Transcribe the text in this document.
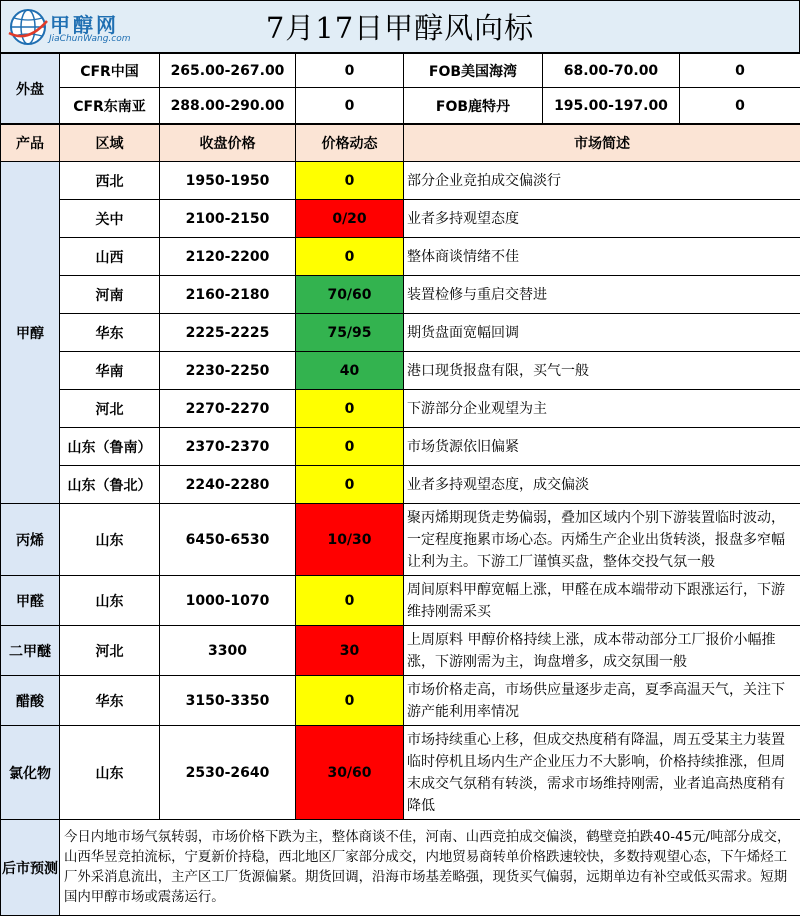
甲醇网
JiaChunWang.com	7月17日甲醇风向标
外盘	CFR中国	265.00-267.00	0	FOB美国海湾	68.00-70.00	0
	CFR东南亚	288.00-290.00	0	FOB鹿特丹	195.00-197.00	0
产品	区域	收盘价格	价格动态	市场简述
甲醇	西北	1950-1950	0	部分企业竞拍成交偏淡行
	关中	2100-2150	0/20	业者多持观望态度
	山西	2120-2200	0	整体商谈情绪不佳
	河南	2160-2180	70/60	装置检修与重启交替进
	华东	2225-2225	75/95	期货盘面宽幅回调
	华南	2230-2250	40	港口现货报盘有限，买气一般
	河北	2270-2270	0	下游部分企业观望为主
	山东（鲁南）	2370-2370	0	市场货源依旧偏紧
	山东（鲁北）	2240-2280	0	业者多持观望态度，成交偏淡
丙烯	山东	6450-6530	10/30	聚丙烯期现货走势偏弱，叠加区域内个别下游装置临时波动，一定程度拖累市场心态。丙烯生产企业出货转淡，报盘多窄幅让利为主。下游工厂谨慎买盘，整体交投气氛一般
甲醛	山东	1000-1070	0	周间原料甲醇宽幅上涨，甲醛在成本端带动下跟涨运行，下游维持刚需采买
二甲醚	河北	3300	30	上周原料 甲醇价格持续上涨，成本带动部分工厂报价小幅推涨，下游刚需为主，询盘增多，成交氛围一般
醋酸	华东	3150-3350	0	市场价格走高，市场供应量逐步走高，夏季高温天气，关注下游产能利用率情况
氯化物	山东	2530-2640	30/60	市场持续重心上移，但成交热度稍有降温，周五受某主力装置临时停机且场内生产企业压力不大影响，价格持续推涨，但周末成交气氛稍有转淡，需求市场维持刚需，业者追高热度稍有降低
后市预测	今日内地市场气氛转弱，市场价格下跌为主，整体商谈不佳，河南、山西竞拍成交偏淡，鹤壁竞拍跌40-45元/吨部分成交，山西华昱竞拍流标，宁夏新价持稳，西北地区厂家部分成交，内地贸易商转单价格跌速较快，多数持观望心态，下午烯烃工厂外采消息流出，主产区工厂货源偏紧。期货回调，沿海市场基差略强，现货买气偏弱，远期单边有补空或低买需求。短期国内甲醇市场或震荡运行。			
